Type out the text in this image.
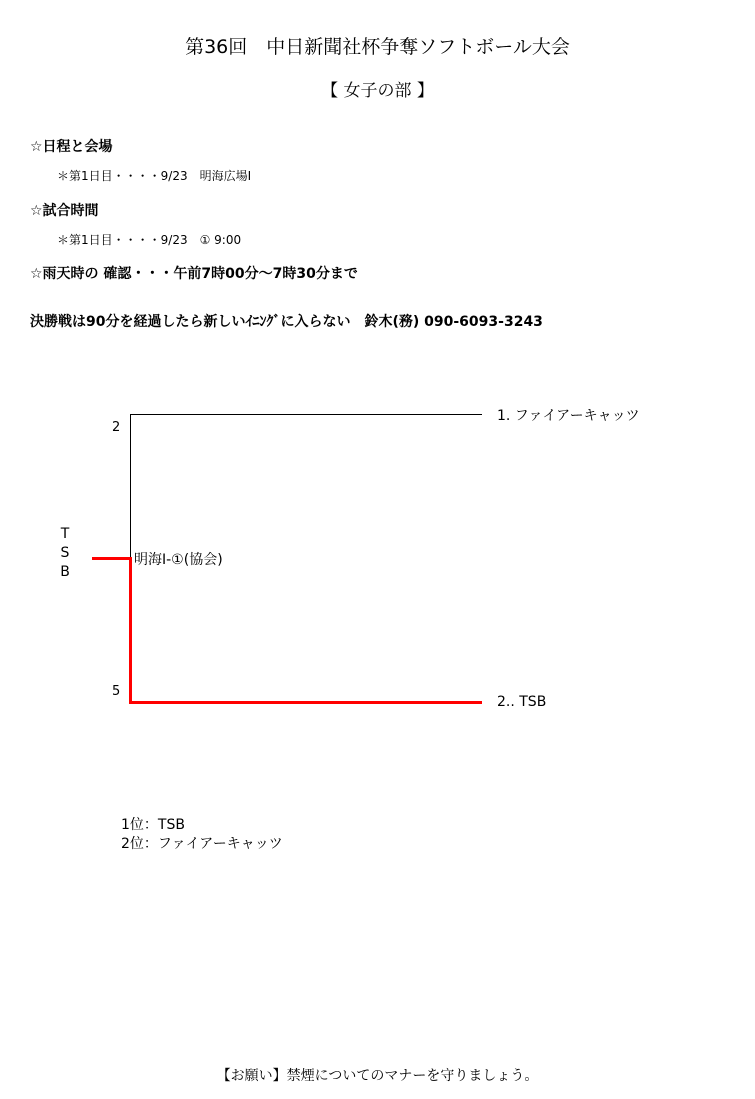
第36回　中日新聞社杯争奪ソフトボール大会
【 女子の部 】
☆日程と会場
＊第1日目・・・・9/23　明海広場Ⅰ
☆試合時間
＊第1日目・・・・9/23　① 9:00
☆雨天時の 確認・・・午前7時00分～7時30分まで
決勝戦は90分を経過したら新しいｲﾆﾝｸﾞに入らない　鈴木(務) 090-6093-3243
1. ファイアーキャッツ
2.. TSB
2
5
明海Ⅰ-①(協会)
T
S
B
1位：TSB
2位：ファイアーキャッツ
【お願い】禁煙についてのマナーを守りましょう。
